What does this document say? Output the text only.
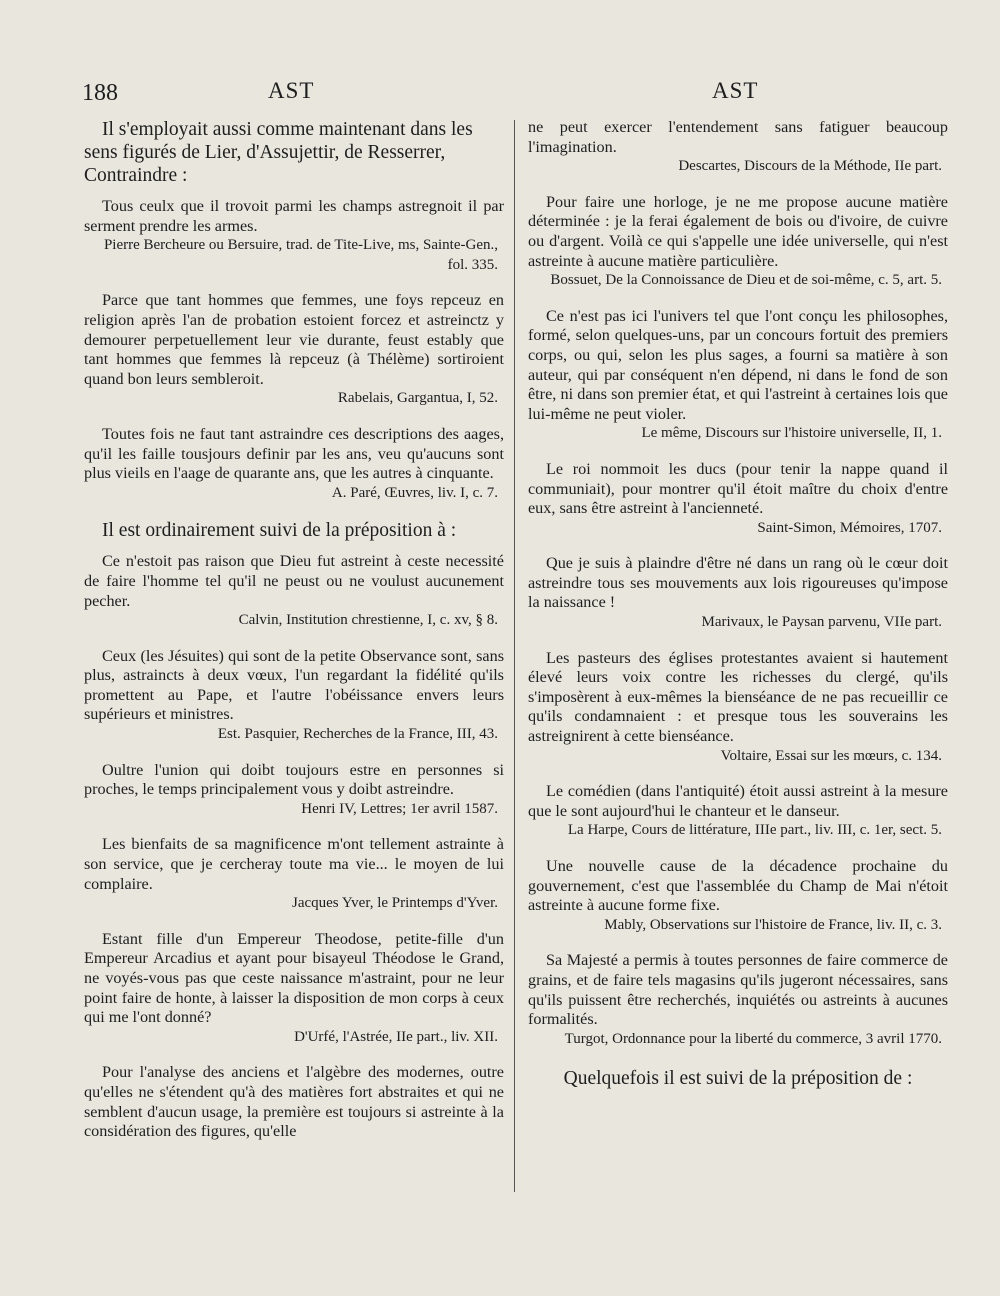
188	AST	AST

Il s'employait aussi comme maintenant dans les sens figurés de Lier, d'Assujettir, de Resserrer, Contraindre :

Tous ceulx que il trovoit parmi les champs astregnoit il par serment prendre les armes.

Pierre Bercheure ou Bersuire, trad. de Tite-Live, ms, Sainte-Gen., fol. 335.

Parce que tant hommes que femmes, une foys repceuz en religion après l'an de probation estoient forcez et astreinctz y demourer perpetuellement leur vie durante, feust estably que tant hommes que femmes là repceuz (à Thélème) sortiroient quand bon leurs sembleroit.

Rabelais, Gargantua, I, 52.

Toutes fois ne faut tant astraindre ces descriptions des aages, qu'il les faille tousjours definir par les ans, veu qu'aucuns sont plus vieils en l'aage de quarante ans, que les autres à cinquante.

A. Paré, Œuvres, liv. I, c. 7.

Il est ordinairement suivi de la préposition à :

Ce n'estoit pas raison que Dieu fut astreint à ceste necessité de faire l'homme tel qu'il ne peust ou ne voulust aucunement pecher.

Calvin, Institution chrestienne, I, c. xv, § 8.

Ceux (les Jésuites) qui sont de la petite Observance sont, sans plus, astraincts à deux vœux, l'un regardant la fidélité qu'ils promettent au Pape, et l'autre l'obéissance envers leurs supérieurs et ministres.

Est. Pasquier, Recherches de la France, III, 43.

Oultre l'union qui doibt toujours estre en personnes si proches, le temps principalement vous y doibt astreindre.

Henri IV, Lettres; 1er avril 1587.

Les bienfaits de sa magnificence m'ont tellement astrainte à son service, que je cercheray toute ma vie... le moyen de lui complaire.

Jacques Yver, le Printemps d'Yver.

Estant fille d'un Empereur Theodose, petite-fille d'un Empereur Arcadius et ayant pour bisayeul Théodose le Grand, ne voyés-vous pas que ceste naissance m'astraint, pour ne leur point faire de honte, à laisser la disposition de mon corps à ceux qui me l'ont donné?

D'Urfé, l'Astrée, IIe part., liv. XII.

Pour l'analyse des anciens et l'algèbre des modernes, outre qu'elles ne s'étendent qu'à des matières fort abstraites et qui ne semblent d'aucun usage, la première est toujours si astreinte à la considération des figures, qu'elle

ne peut exercer l'entendement sans fatiguer beaucoup l'imagination.

Descartes, Discours de la Méthode, IIe part.

Pour faire une horloge, je ne me propose aucune matière déterminée : je la ferai également de bois ou d'ivoire, de cuivre ou d'argent. Voilà ce qui s'appelle une idée universelle, qui n'est astreinte à aucune matière particulière.

Bossuet, De la Connoissance de Dieu et de soi-même, c. 5, art. 5.

Ce n'est pas ici l'univers tel que l'ont conçu les philosophes, formé, selon quelques-uns, par un concours fortuit des premiers corps, ou qui, selon les plus sages, a fourni sa matière à son auteur, qui par conséquent n'en dépend, ni dans le fond de son être, ni dans son premier état, et qui l'astreint à certaines lois que lui-même ne peut violer.

Le même, Discours sur l'histoire universelle, II, 1.

Le roi nommoit les ducs (pour tenir la nappe quand il communiait), pour montrer qu'il étoit maître du choix d'entre eux, sans être astreint à l'ancienneté.

Saint-Simon, Mémoires, 1707.

Que je suis à plaindre d'être né dans un rang où le cœur doit astreindre tous ses mouvements aux lois rigoureuses qu'impose la naissance !

Marivaux, le Paysan parvenu, VIIe part.

Les pasteurs des églises protestantes avaient si hautement élevé leurs voix contre les richesses du clergé, qu'ils s'imposèrent à eux-mêmes la bienséance de ne pas recueillir ce qu'ils condamnaient : et presque tous les souverains les astreignirent à cette bienséance.

Voltaire, Essai sur les mœurs, c. 134.

Le comédien (dans l'antiquité) étoit aussi astreint à la mesure que le sont aujourd'hui le chanteur et le danseur.

La Harpe, Cours de littérature, IIIe part., liv. III, c. 1er, sect. 5.

Une nouvelle cause de la décadence prochaine du gouvernement, c'est que l'assemblée du Champ de Mai n'étoit astreinte à aucune forme fixe.

Mably, Observations sur l'histoire de France, liv. II, c. 3.

Sa Majesté a permis à toutes personnes de faire commerce de grains, et de faire tels magasins qu'ils jugeront nécessaires, sans qu'ils puissent être recherchés, inquiétés ou astreints à aucunes formalités.

Turgot, Ordonnance pour la liberté du commerce, 3 avril 1770.

Quelquefois il est suivi de la préposition de :
